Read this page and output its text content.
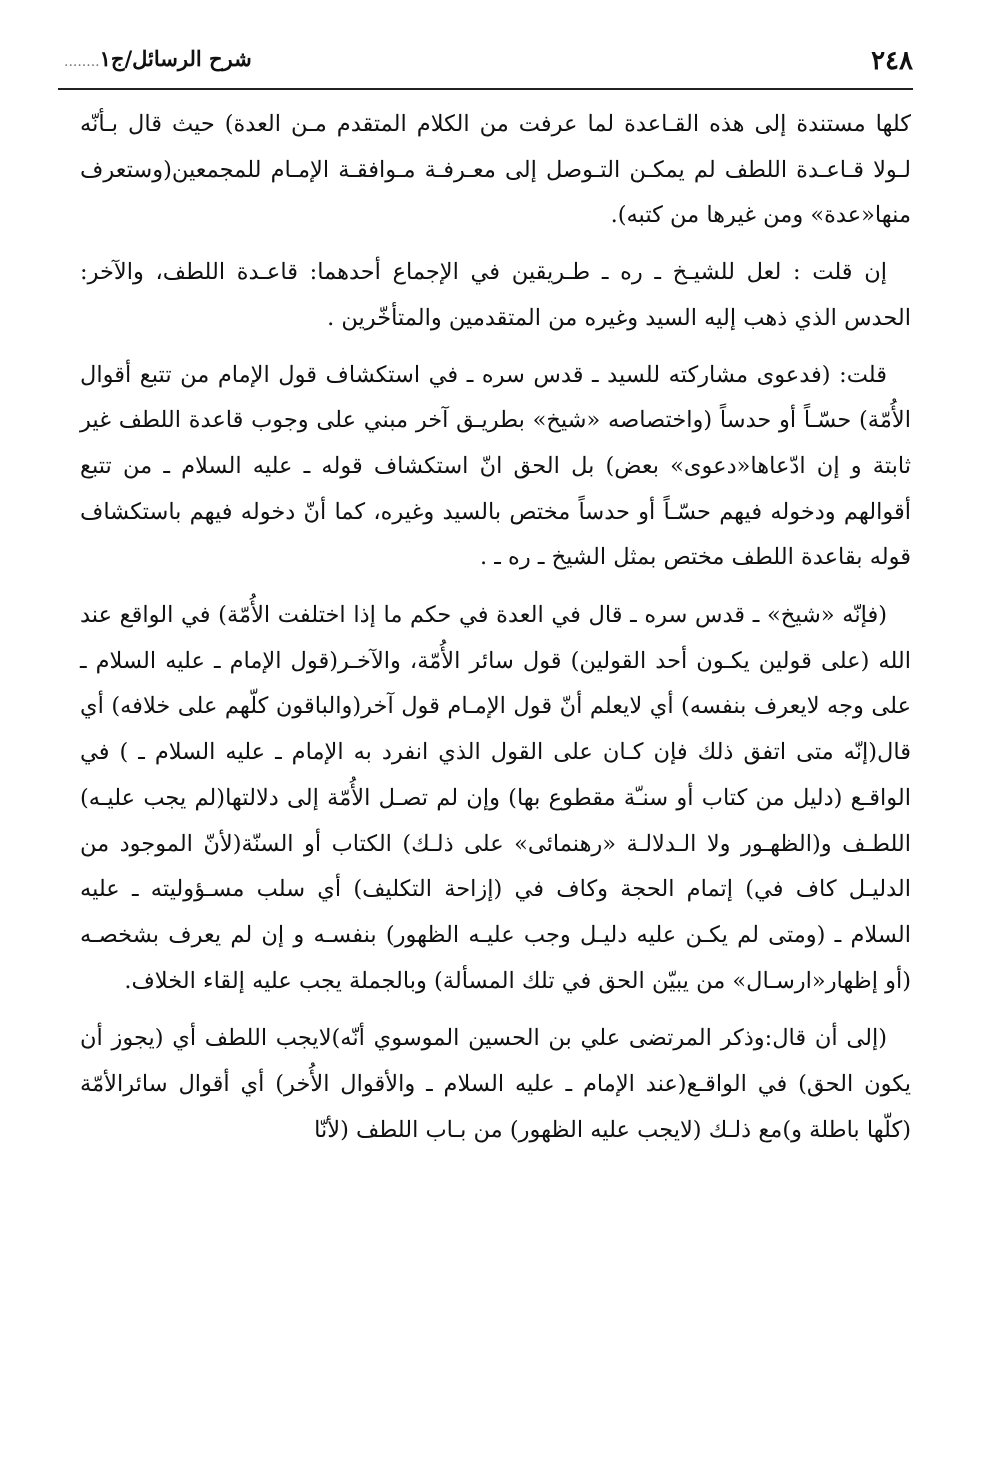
٢٤٨
شرح الرسائل/ج١........

كلها مستندة إلى هذه القـاعدة لما عرفت من الكلام المتقدم مـن العدة) حيث قال بـأنّه لـولا قـاعـدة اللطف لم يمكـن التـوصل إلى معـرفـة مـوافقـة الإمـام للمجمعين(وستعرف منها«عدة» ومن غيرها من كتبه).

إن قلت : لعل للشيـخ ـ ره ـ طـريقين في الإجماع أحدهما: قاعـدة اللطف، والآخر: الحدس الذي ذهب إليه السيد وغيره من المتقدمين والمتأخّرين .

قلت: (فدعوى مشاركته للسيد ـ قدس سره ـ في استكشاف قول الإمام من تتبع أقوال الأُمّة) حسّـاً أو حدساً (واختصاصه «شيخ» بطريـق آخر مبني على وجوب قاعدة اللطف غير ثابتة و إن ادّعاها«دعوى» بعض) بل الحق انّ استكشاف قوله ـ عليه السلام ـ من تتبع أقوالهم ودخوله فيهم حسّـاً أو حدساً مختص بالسيد وغيره، كما أنّ دخوله فيهم باستكشاف قوله بقاعدة اللطف مختص بمثل الشيخ ـ ره ـ .

(فإنّه «شيخ» ـ قدس سره ـ قال في العدة في حكم ما إذا اختلفت الأُمّة) في الواقع عند الله (على قولين يكـون أحد القولين) قول سائر الأُمّة، والآخـر(قول الإمام ـ عليه السلام ـ على وجه لايعرف بنفسه) أي لايعلم أنّ قول الإمـام قول آخر(والباقون كلّهم على خلافه) أي قال(إنّه متى اتفق ذلك فإن كـان على القول الذي انفرد به الإمام ـ عليه السلام ـ ) في الواقـع (دليل من كتاب أو سنـّة مقطوع بها) وإن لم تصـل الأُمّة إلى دلالتها(لم يجب عليـه) اللطـف و(الظهـور ولا الـدلالـة «رهنمائى» على ذلـك) الكتاب أو السنّة(لأنّ الموجود من الدليـل كاف في) إتمام الحجة وكاف في (إزاحة التكليف) أي سلب مسـؤوليته ـ عليه السلام ـ (ومتى لم يكـن عليه دليـل وجب عليـه الظهور) بنفسـه و إن لم يعرف بشخصـه (أو إظهار«ارسـال» من يبيّن الحق في تلك المسألة) وبالجملة يجب عليه إلقاء الخلاف.

(إلى أن قال:وذكر المرتضى علي بن الحسين الموسوي أنّه)لايجب اللطف أي (يجوز أن يكون الحق) في الواقـع(عند الإمام ـ عليه السلام ـ والأقوال الأُخر) أي أقوال سائرالأمّة (كلّها باطلة و)مع ذلـك (لايجب عليه الظهور) من بـاب اللطف (لأنّا
